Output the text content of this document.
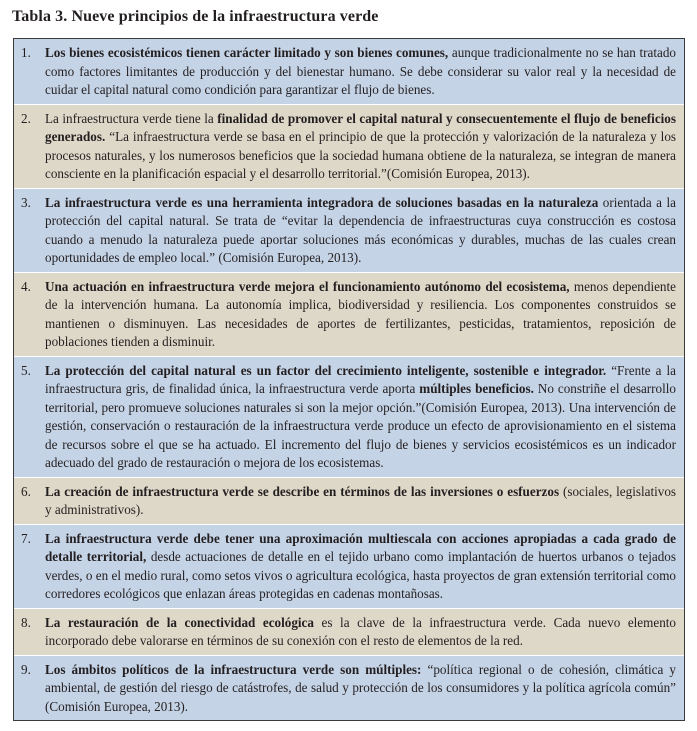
Tabla 3. Nueve principios de la infraestructura verde
1.	Los bienes ecosistémicos tienen carácter limitado y son bienes comunes, aunque tradicionalmente no se han tratado como factores limitantes de producción y del bienestar humano. Se debe considerar su valor real y la necesidad de cuidar el capital natural como condición para garantizar el flujo de bienes.
2.	La infraestructura verde tiene la finalidad de promover el capital natural y consecuentemente el flujo de beneficios generados. “La infraestructura verde se basa en el principio de que la protección y valorización de la naturaleza y los procesos naturales, y los numerosos beneficios que la sociedad humana obtiene de la naturaleza, se integran de manera consciente en la planificación espacial y el desarrollo territorial.”(Comisión Europea, 2013).
3.	La infraestructura verde es una herramienta integradora de soluciones basadas en la naturaleza orientada a la protección del capital natural. Se trata de “evitar la dependencia de infraestructuras cuya construcción es costosa cuando a menudo la naturaleza puede aportar soluciones más económicas y durables, muchas de las cuales crean oportunidades de empleo local.” (Comisión Europea, 2013).
4.	Una actuación en infraestructura verde mejora el funcionamiento autónomo del ecosistema, menos dependiente de la intervención humana. La autonomía implica, biodiversidad y resiliencia. Los componentes construidos se mantienen o disminuyen. Las necesidades de aportes de fertilizantes, pesticidas, tratamientos, reposición de poblaciones tienden a disminuir.
5.	La protección del capital natural es un factor del crecimiento inteligente, sostenible e integrador. “Frente a la infraestructura gris, de finalidad única, la infraestructura verde aporta múltiples beneficios. No constriñe el desarrollo territorial, pero promueve soluciones naturales si son la mejor opción.”(Comisión Europea, 2013). Una intervención de gestión, conservación o restauración de la infraestructura verde produce un efecto de aprovisionamiento en el sistema de recursos sobre el que se ha actuado. El incremento del flujo de bienes y servicios ecosistémicos es un indicador adecuado del grado de restauración o mejora de los ecosistemas.
6.	La creación de infraestructura verde se describe en términos de las inversiones o esfuerzos (sociales, legislativos y administrativos).
7.	La infraestructura verde debe tener una aproximación multiescala con acciones apropiadas a cada grado de detalle territorial, desde actuaciones de detalle en el tejido urbano como implantación de huertos urbanos o tejados verdes, o en el medio rural, como setos vivos o agricultura ecológica, hasta proyectos de gran extensión territorial como corredores ecológicos que enlazan áreas protegidas en cadenas montañosas.
8.	La restauración de la conectividad ecológica es la clave de la infraestructura verde. Cada nuevo elemento incorporado debe valorarse en términos de su conexión con el resto de elementos de la red.
9.	Los ámbitos políticos de la infraestructura verde son múltiples: “política regional o de cohesión, climática y ambiental, de gestión del riesgo de catástrofes, de salud y protección de los consumidores y la política agrícola común” (Comisión Europea, 2013).
